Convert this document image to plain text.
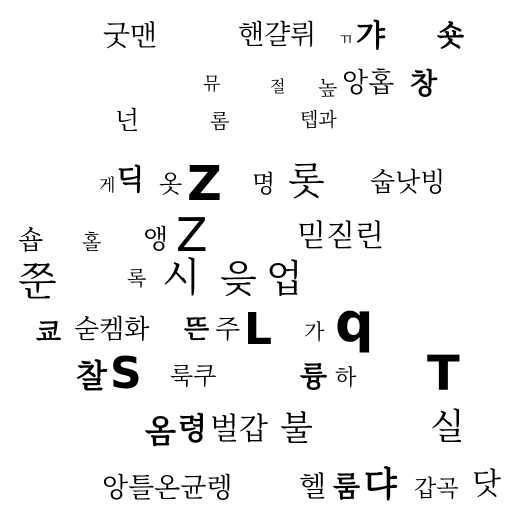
굿맨	핸걀뤼 ㄲ 갸 숏
뮤	절 높 앙홉 창
넌	롬	텝과
게 딕 옷 Z 명 롯 숩낫빙
숍 홀 앵 Z	믿짇린
쭌	록 시 읒 업
쿄 숟켐화 뜬 주 L 가 q
찰 S 룩쿠	륭 하 T
옴 령 벌갑 불	실
앙틀온균렝 헬 룸 댜 갑곡 닷
